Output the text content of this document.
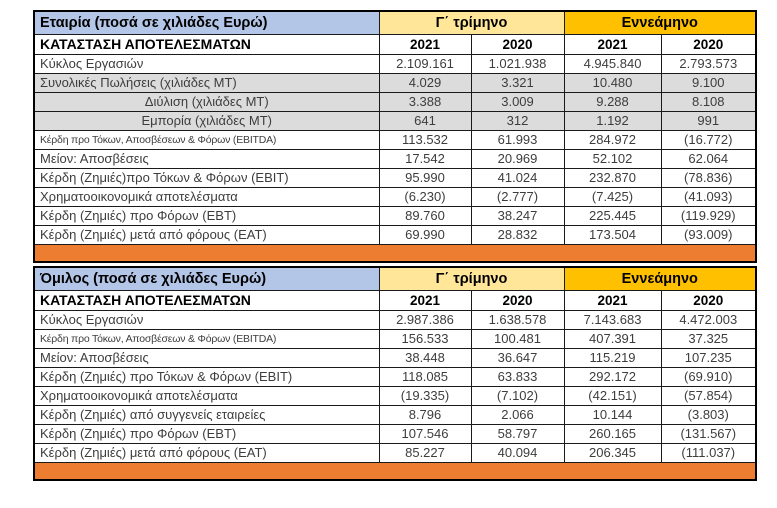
Εταιρία (ποσά σε χιλιάδες Ευρώ)	Γ΄ τρίμηνο		Εννεάμηνο	
ΚΑΤΑΣΤΑΣΗ ΑΠΟΤΕΛΕΣΜΑΤΩΝ	2021	2020	2021	2020
Κύκλος Εργασιών	2.109.161	1.021.938	4.945.840	2.793.573
Συνολικές Πωλήσεις (χιλιάδες ΜΤ)	4.029	3.321	10.480	9.100
Διύλιση (χιλιάδες ΜΤ)	3.388	3.009	9.288	8.108
Εμπορία (χιλιάδες ΜΤ)	641	312	1.192	991
Κέρδη προ Τόκων, Αποσβέσεων & Φόρων (EBITDA)	113.532	61.993	284.972	(16.772)
Μείον: Αποσβέσεις	17.542	20.969	52.102	62.064
Κέρδη (Ζημιές)προ Τόκων & Φόρων (EBIT)	95.990	41.024	232.870	(78.836)
Χρηματοοικονομικά αποτελέσματα	(6.230)	(2.777)	(7.425)	(41.093)
Κέρδη (Ζημιές) προ Φόρων (EBT)	89.760	38.247	225.445	(119.929)
Κέρδη (Ζημιές) μετά από φόρους (EAT)	69.990	28.832	173.504	(93.009)

Όμιλος (ποσά σε χιλιάδες Ευρώ)	Γ΄ τρίμηνο		Εννεάμηνο	
ΚΑΤΑΣΤΑΣΗ ΑΠΟΤΕΛΕΣΜΑΤΩΝ	2021	2020	2021	2020
Κύκλος Εργασιών	2.987.386	1.638.578	7.143.683	4.472.003
Κέρδη προ Τόκων, Αποσβέσεων & Φόρων (EBITDA)	156.533	100.481	407.391	37.325
Μείον: Αποσβέσεις	38.448	36.647	115.219	107.235
Κέρδη (Ζημιές) προ Τόκων & Φόρων (EBIT)	118.085	63.833	292.172	(69.910)
Χρηματοοικονομικά αποτελέσματα	(19.335)	(7.102)	(42.151)	(57.854)
Κέρδη (Ζημιές) από συγγενείς εταιρείες	8.796	2.066	10.144	(3.803)
Κέρδη (Ζημιές) προ Φόρων (EBT)	107.546	58.797	260.165	(131.567)
Κέρδη (Ζημιές) μετά από φόρους (EAT)	85.227	40.094	206.345	(111.037)
